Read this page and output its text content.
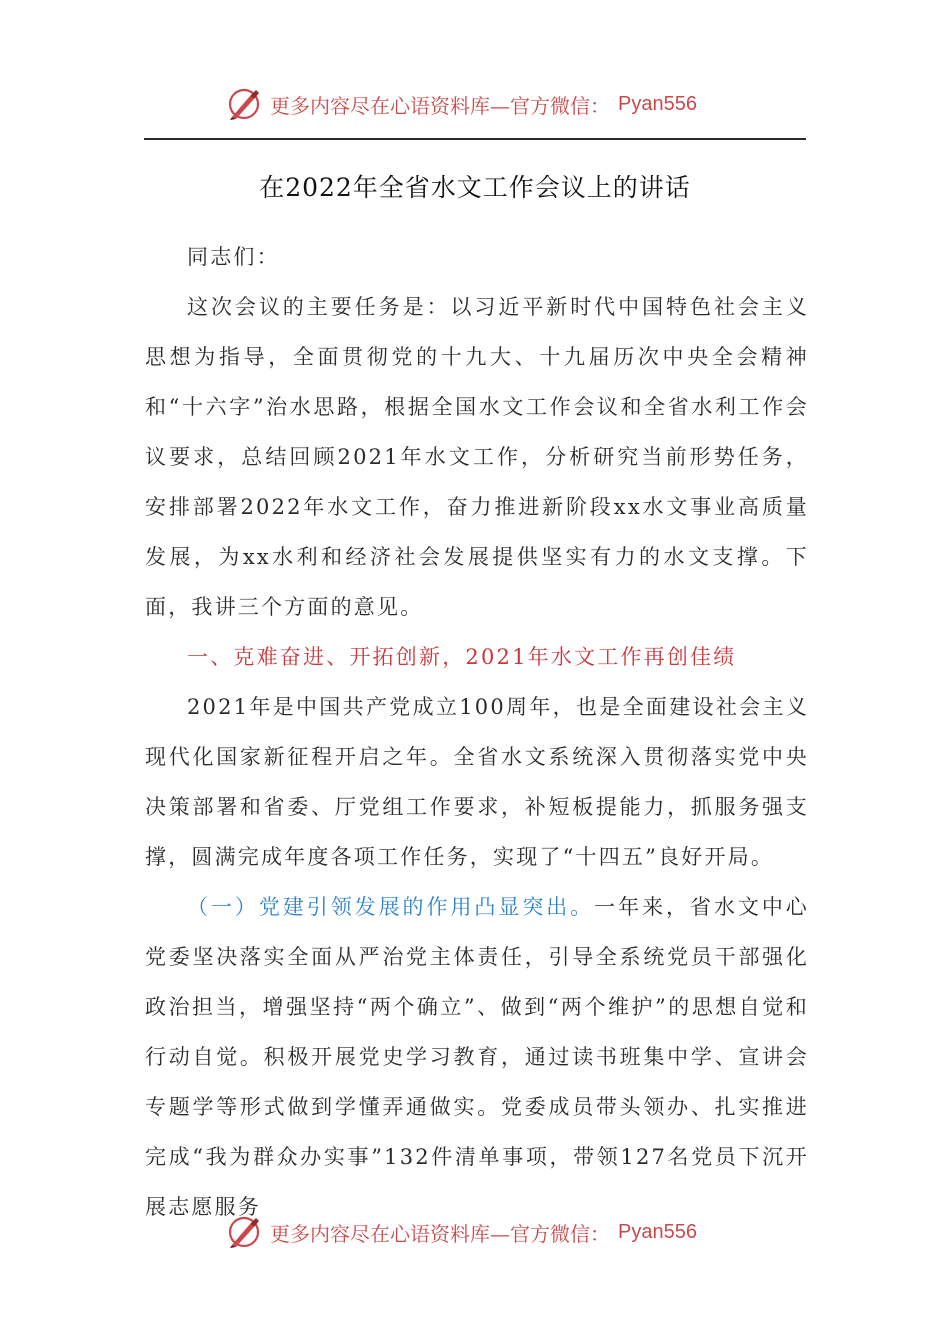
更多内容尽在心语资料库—官方微信： Pyan556
在2022年全省水文工作会议上的讲话

同志们：

这次会议的主要任务是：以习近平新时代中国特色社会主义思想为指导，全面贯彻党的十九大、十九届历次中央全会精神和“十六字”治水思路，根据全国水文工作会议和全省水利工作会议要求，总结回顾2021年水文工作，分析研究当前形势任务，安排部署2022年水文工作，奋力推进新阶段xx水文事业高质量发展，为xx水利和经济社会发展提供坚实有力的水文支撑。下面，我讲三个方面的意见。

一、克难奋进、开拓创新，2021年水文工作再创佳绩

2021年是中国共产党成立100周年，也是全面建设社会主义现代化国家新征程开启之年。全省水文系统深入贯彻落实党中央决策部署和省委、厅党组工作要求，补短板提能力，抓服务强支撑，圆满完成年度各项工作任务，实现了“十四五”良好开局。

（一）党建引领发展的作用凸显突出。一年来，省水文中心党委坚决落实全面从严治党主体责任，引导全系统党员干部强化政治担当，增强坚持“两个确立”、做到“两个维护”的思想自觉和行动自觉。积极开展党史学习教育，通过读书班集中学、宣讲会专题学等形式做到学懂弄通做实。党委成员带头领办、扎实推进完成“我为群众办实事”132件清单事项，带领127名党员下沉开展志愿服务

更多内容尽在心语资料库—官方微信： Pyan556
